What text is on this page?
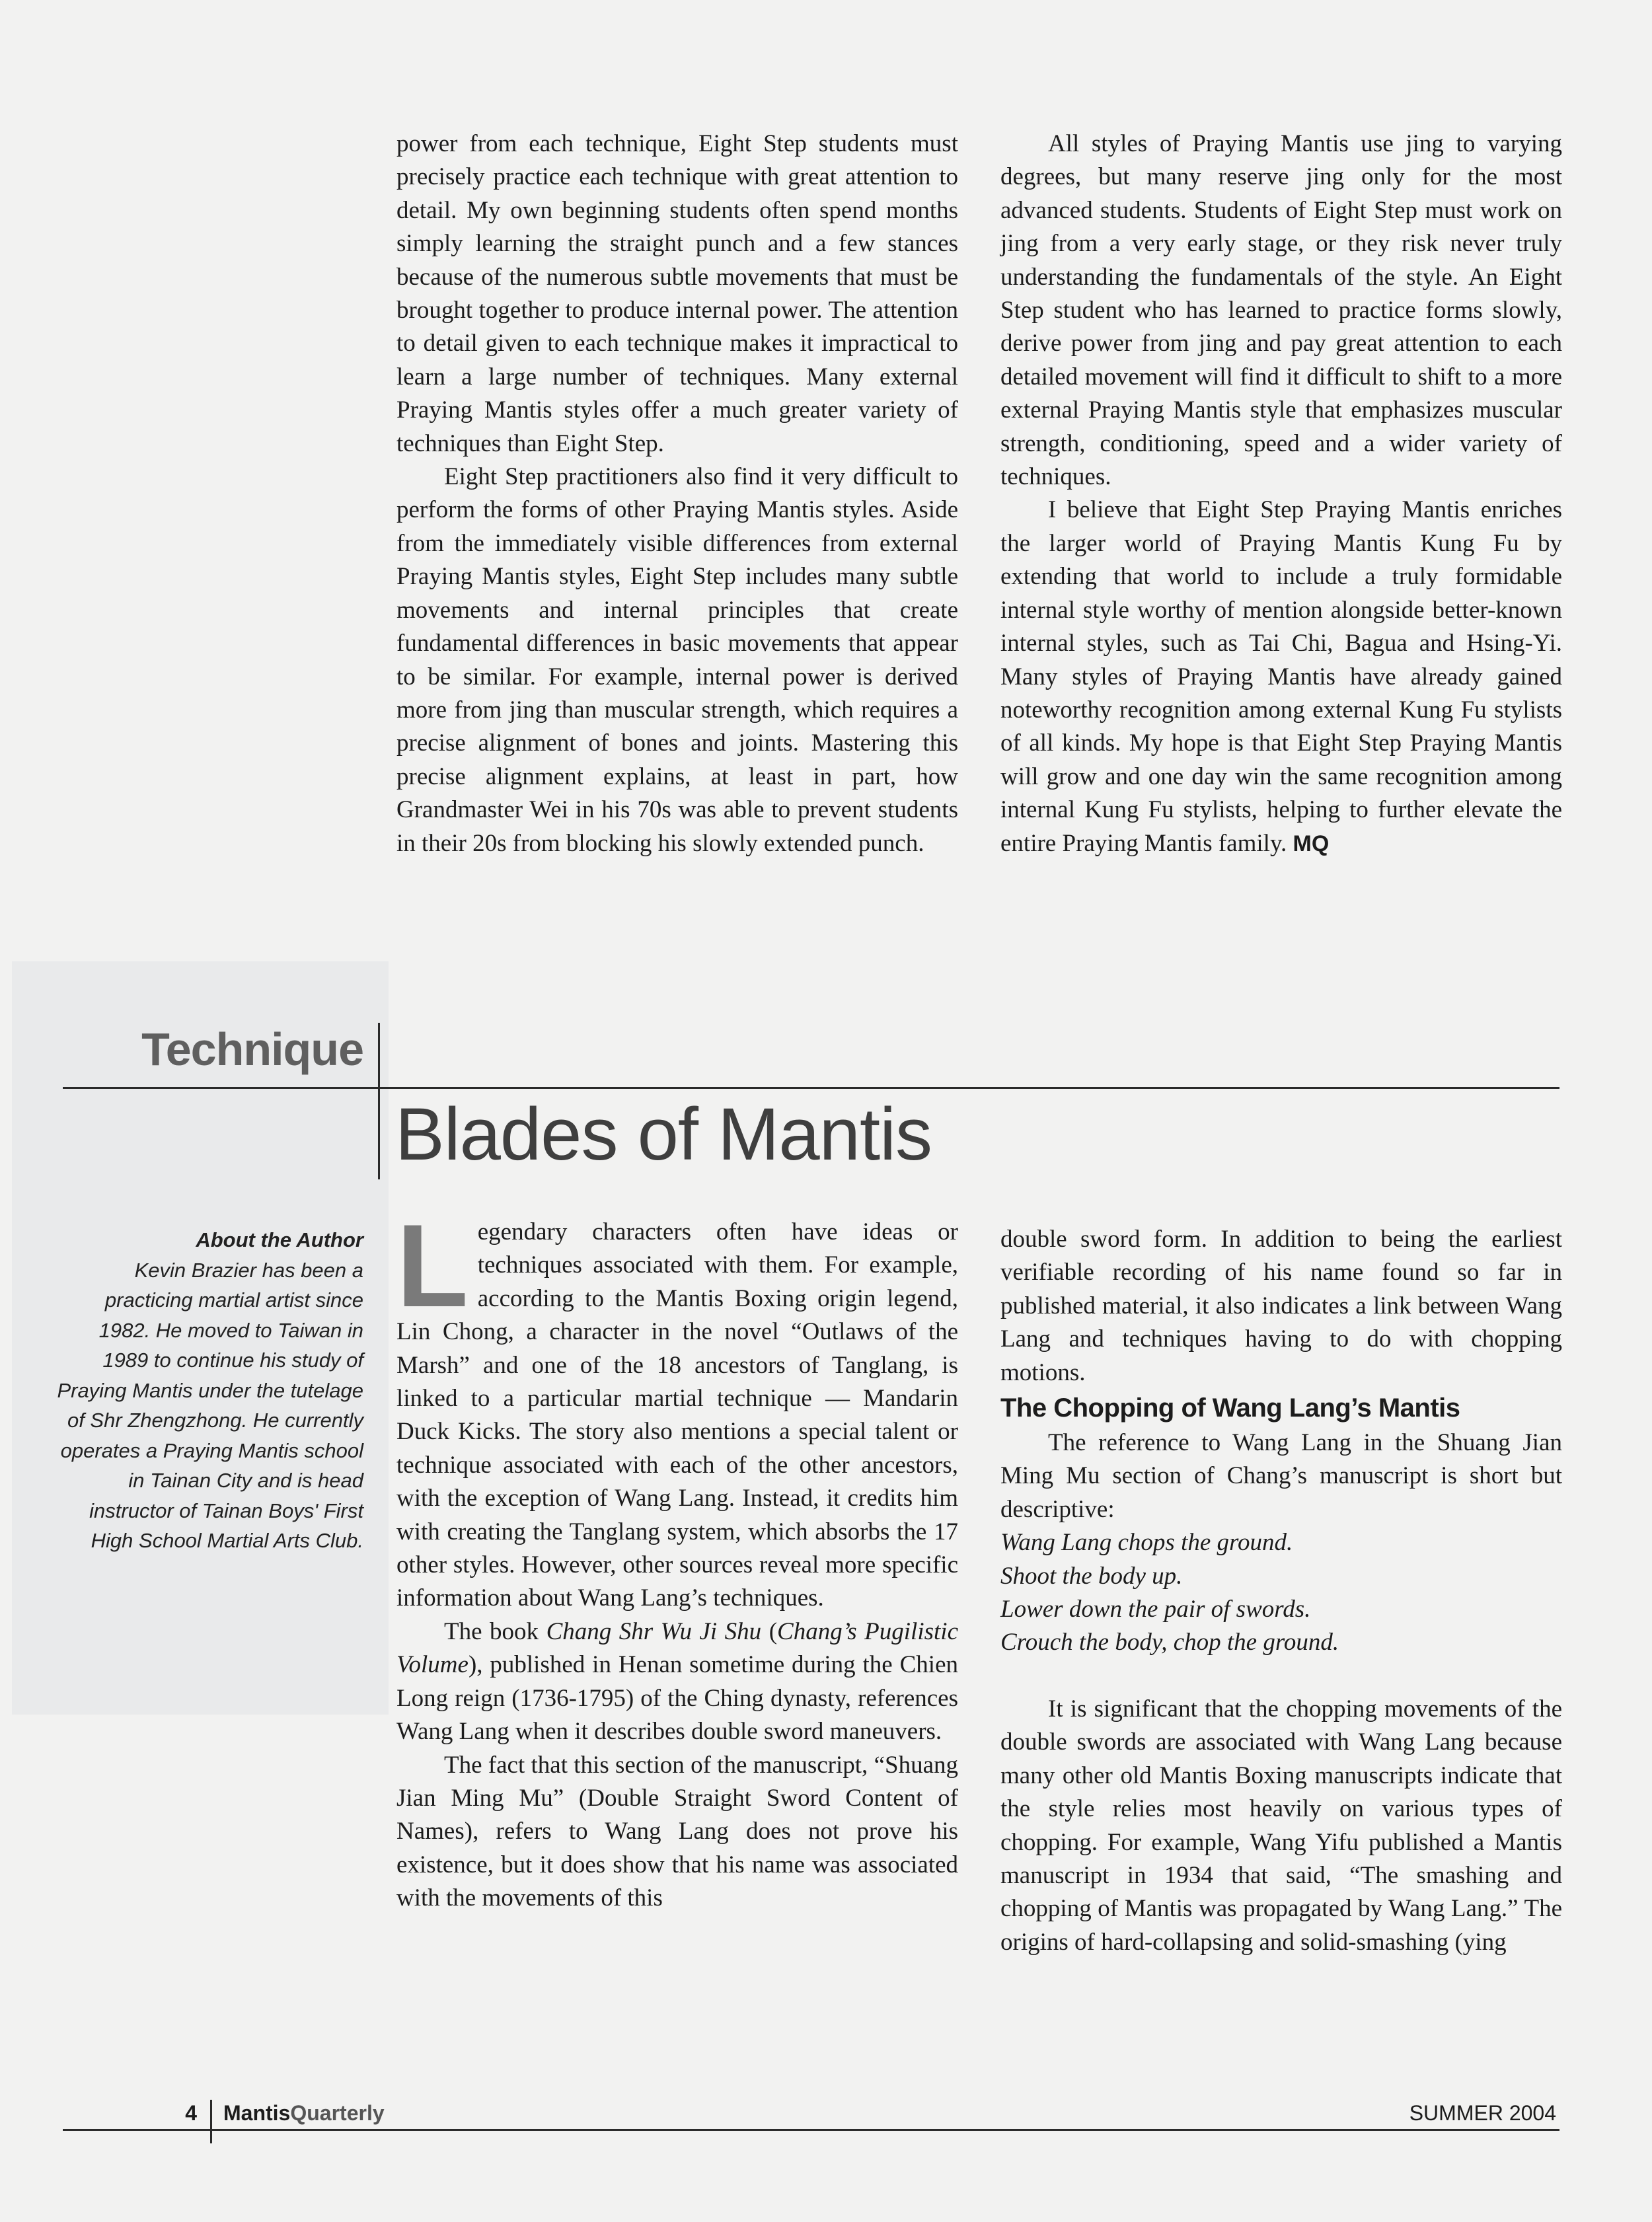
power from each technique, Eight Step students must precisely practice each technique with great attention to detail. My own beginning students often spend months simply learning the straight punch and a few stances because of the numerous subtle movements that must be brought together to produce internal power. The attention to detail given to each technique makes it impractical to learn a large number of techniques. Many external Praying Mantis styles offer a much greater variety of techniques than Eight Step.

Eight Step practitioners also find it very difficult to perform the forms of other Praying Mantis styles. Aside from the immediately visible differences from external Praying Mantis styles, Eight Step includes many subtle movements and internal principles that create fundamental differences in basic movements that appear to be similar. For example, internal power is derived more from jing than muscular strength, which requires a precise alignment of bones and joints. Mastering this precise alignment explains, at least in part, how Grandmaster Wei in his 70s was able to prevent students in their 20s from blocking his slowly extended punch.

All styles of Praying Mantis use jing to varying degrees, but many reserve jing only for the most advanced students. Students of Eight Step must work on jing from a very early stage, or they risk never truly understanding the fundamentals of the style. An Eight Step student who has learned to practice forms slowly, derive power from jing and pay great attention to each detailed movement will find it difficult to shift to a more external Praying Mantis style that emphasizes muscular strength, conditioning, speed and a wider variety of techniques.

I believe that Eight Step Praying Mantis enriches the larger world of Praying Mantis Kung Fu by extending that world to include a truly formidable internal style worthy of mention alongside better-known internal styles, such as Tai Chi, Bagua and Hsing-Yi. Many styles of Praying Mantis have already gained noteworthy recognition among external Kung Fu stylists of all kinds. My hope is that Eight Step Praying Mantis will grow and one day win the same recognition among internal Kung Fu stylists, helping to further elevate the entire Praying Mantis family. MQ

Technique
Blades of Mantis
About the Author
Kevin Brazier has been a practicing martial artist since 1982. He moved to Taiwan in 1989 to continue his study of Praying Mantis under the tutelage of Shr Zhengzhong. He currently operates a Praying Mantis school in Tainan City and is head instructor of Tainan Boys' First High School Martial Arts Club.

Legendary characters often have ideas or techniques associated with them. For example, according to the Mantis Boxing origin legend, Lin Chong, a character in the novel “Outlaws of the Marsh” and one of the 18 ancestors of Tanglang, is linked to a particular martial technique — Mandarin Duck Kicks. The story also mentions a special talent or technique associated with each of the other ancestors, with the exception of Wang Lang. Instead, it credits him with creating the Tanglang system, which absorbs the 17 other styles. However, other sources reveal more specific information about Wang Lang’s techniques.

The book Chang Shr Wu Ji Shu (Chang’s Pugilistic Volume), published in Henan sometime during the Chien Long reign (1736-1795) of the Ching dynasty, references Wang Lang when it describes double sword maneuvers.

The fact that this section of the manuscript, “Shuang Jian Ming Mu” (Double Straight Sword Content of Names), refers to Wang Lang does not prove his existence, but it does show that his name was associated with the movements of this

double sword form. In addition to being the earliest verifiable recording of his name found so far in published material, it also indicates a link between Wang Lang and techniques having to do with chopping motions.

The Chopping of Wang Lang’s Mantis

The reference to Wang Lang in the Shuang Jian Ming Mu section of Chang’s manuscript is short but descriptive:

Wang Lang chops the ground.

Shoot the body up.

Lower down the pair of swords.

Crouch the body, chop the ground.

It is significant that the chopping movements of the double swords are associated with Wang Lang because many other old Mantis Boxing manuscripts indicate that the style relies most heavily on various types of chopping. For example, Wang Yifu published a Mantis manuscript in 1934 that said, “The smashing and chopping of Mantis was propagated by Wang Lang.” The origins of hard-collapsing and solid-smashing (ying

4 MantisQuarterly	SUMMER 2004
